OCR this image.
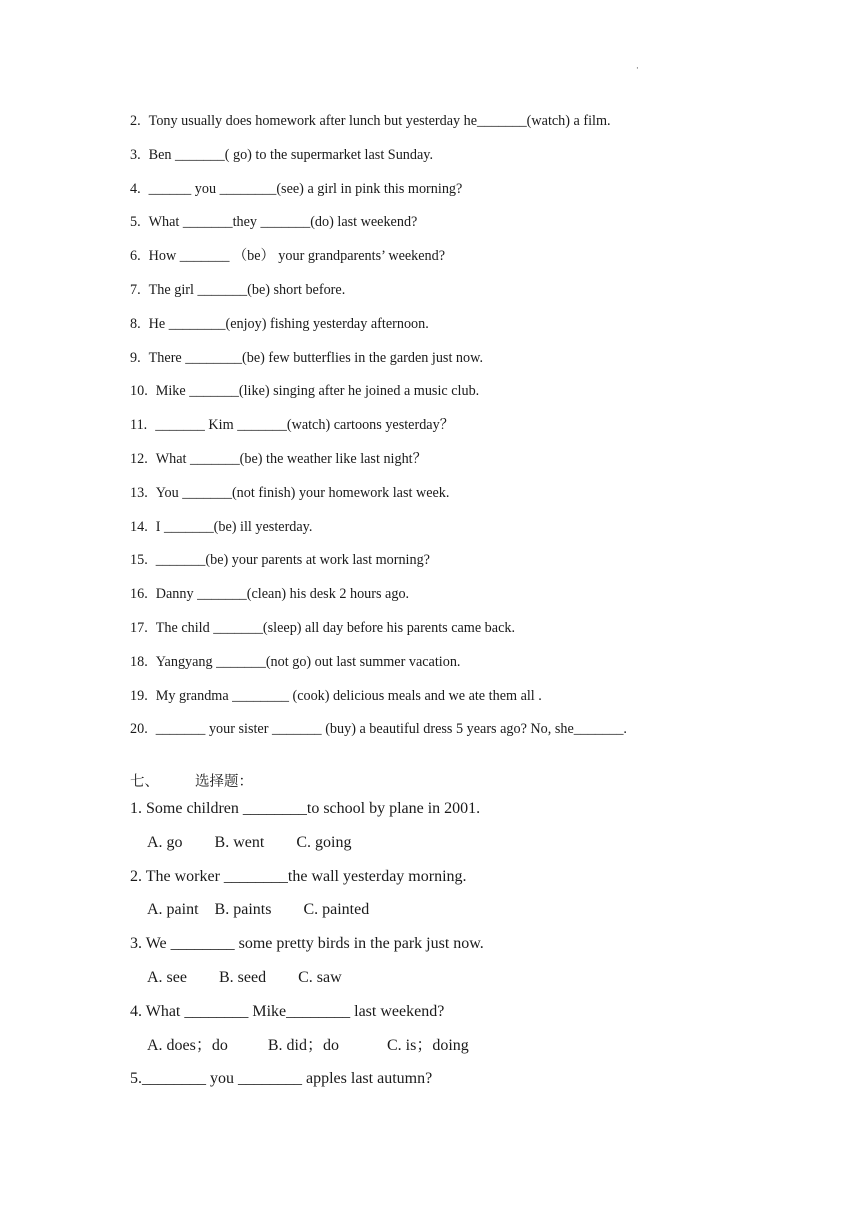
·
2. Tony usually does homework after lunch but yesterday he_______(watch) a film.
3. Ben _______( go) to the supermarket last Sunday.
4. ______ you ________(see) a girl in pink this morning?
5. What _______they _______(do) last weekend?
6. How _______ （be） your grandparents’ weekend?
7. The girl _______(be) short before.
8. He ________(enjoy) fishing yesterday afternoon.
9. There ________(be) few butterflies in the garden just now.
10. Mike _______(like) singing after he joined a music club.
11. _______ Kim _______(watch) cartoons yesterday？
12. What _______(be) the weather like last night？
13. You _______(not finish) your homework last week.
14. I _______(be) ill yesterday.
15. _______(be) your parents at work last morning?
16. Danny _______(clean) his desk 2 hours ago.
17. The child _______(sleep) all day before his parents came back.
18. Yangyang _______(not go) out last summer vacation.
19. My grandma ________ (cook) delicious meals and we ate them all .
20. _______ your sister _______ (buy) a beautiful dress 5 years ago? No, she_______.
七、 选择题：
1. Some children ________to school by plane in 2001.
A. go        B. went        C. going
2. The worker ________the wall yesterday morning.
A. paint    B. paints        C. painted
3. We ________ some pretty birds in the park just now.
A. see        B. seed        C. saw
4. What ________ Mike________ last weekend?
A. does；do          B. did；do            C. is；doing
5.________ you ________ apples last autumn?
